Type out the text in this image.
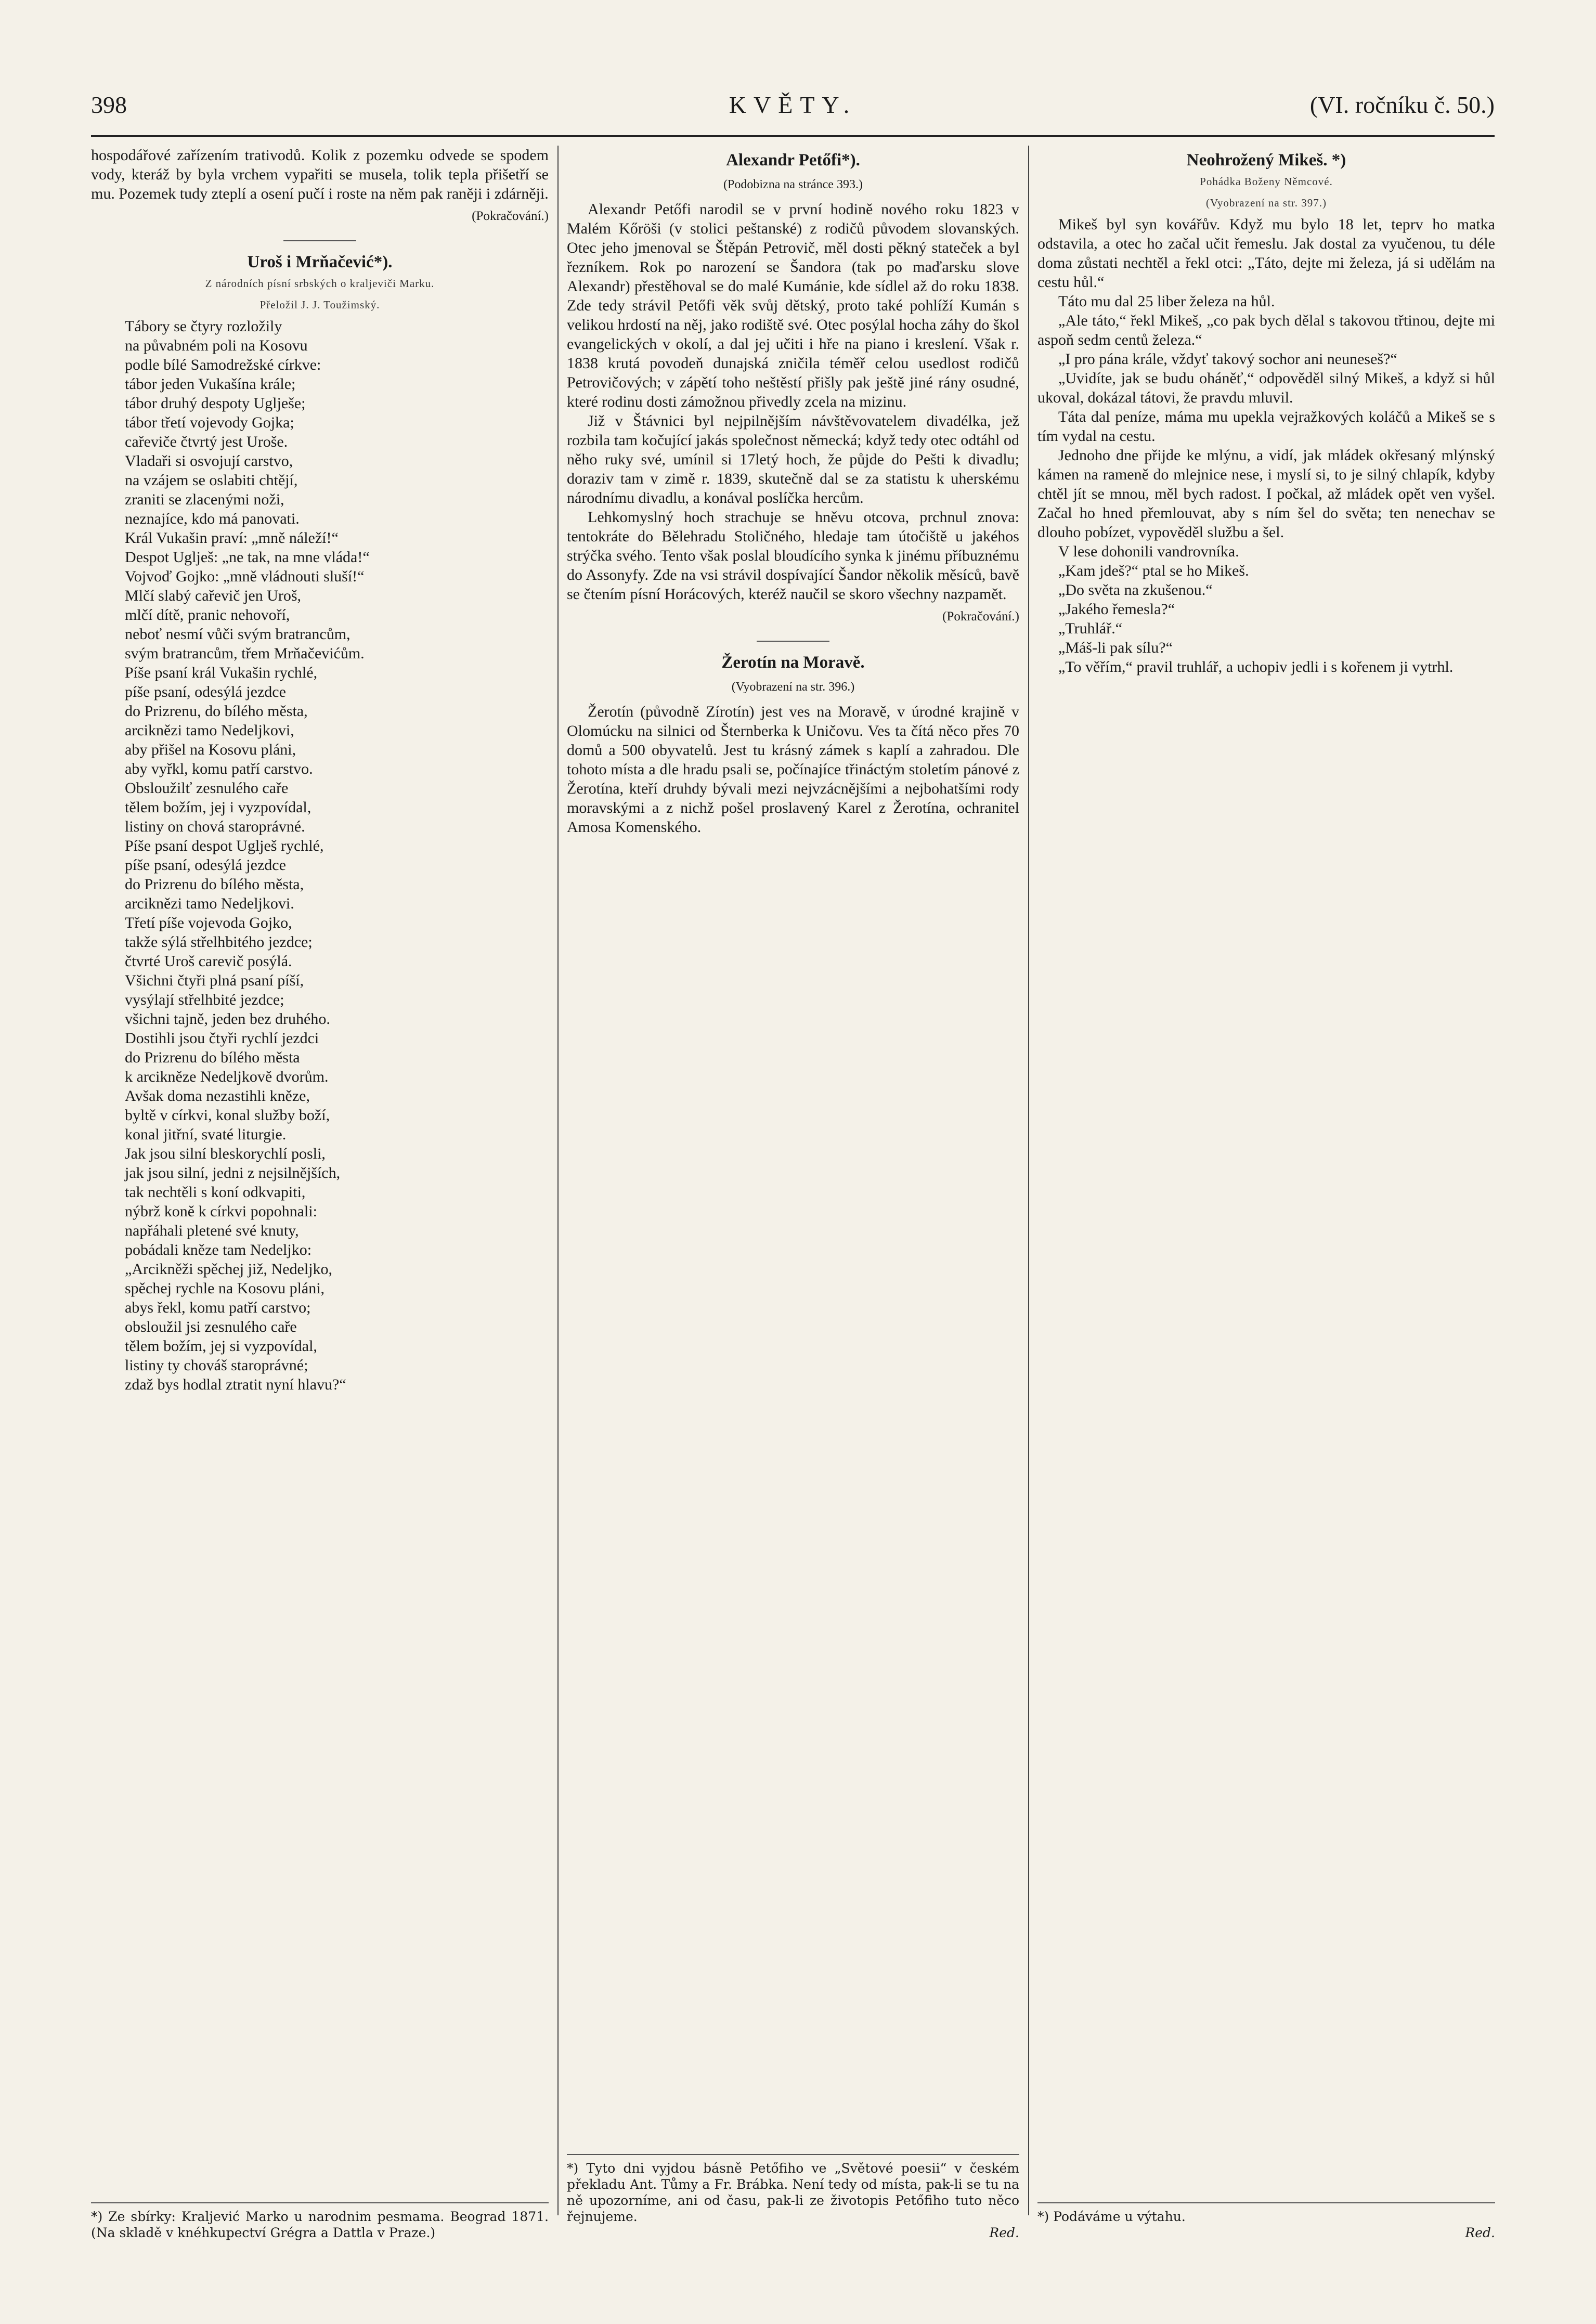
398	KVĚTY.	(VI. ročníku č. 50.)

hospodářové zařízením trativodů. Kolik z pozemku odvede se spodem vody, kteráž by byla vrchem vypařiti se musela, tolik tepla přišetří se mu. Pozemek tudy zteplí a osení pučí i roste na něm pak raněji i zdárněji.

(Pokračování.)
Uroš i Mrňačević*).
Z národních písní srbských o kraljeviči Marku.
Přeložil J. J. Toužimský.
Tábory se čtyry rozložily
na půvabném poli na Kosovu
podle bílé Samodrežské církve:
tábor jeden Vukašína krále;
tábor druhý despoty Uglješe;
tábor třetí vojevody Gojka;
cařeviče čtvrtý jest Uroše.
Vladaři si osvojují carstvo,
na vzájem se oslabiti chtějí,
zraniti se zlacenými noži,
neznajíce, kdo má panovati.
Král Vukašin praví: „mně náleží!“
Despot Uglješ: „ne tak, na mne vláda!“
Vojvoď Gojko: „mně vládnouti sluší!“
Mlčí slabý cařevič jen Uroš,
mlčí dítě, pranic nehovoří,
neboť nesmí vůči svým bratrancům,
svým bratrancům, třem Mrňačevićům.
Píše psaní král Vukašin rychlé,
píše psaní, odesýlá jezdce
do Prizrenu, do bílého města,
arciknězi tamo Nedeljkovi,
aby přišel na Kosovu pláni,
aby vyřkl, komu patří carstvo.
Obsloužilť zesnulého caře
tělem božím, jej i vyzpovídal,
listiny on chová staroprávné.
Píše psaní despot Uglješ rychlé,
píše psaní, odesýlá jezdce
do Prizrenu do bílého města,
arciknězi tamo Nedeljkovi.
Třetí píše vojevoda Gojko,
takže sýlá střelhbitého jezdce;
čtvrté Uroš carevič posýlá.
Všichni čtyři plná psaní píší,
vysýlají střelhbité jezdce;
všichni tajně, jeden bez druhého.
Dostihli jsou čtyři rychlí jezdci
do Prizrenu do bílého města
k arciknězе Nedeljkově dvorům.
Avšak doma nezastihli kněze,
byltě v církvi, konal služby boží,
konal jitřní, svaté liturgie.
Jak jsou silní bleskorychlí posli,
jak jsou silní, jedni z nejsilnějších,
tak nechtěli s koní odkvapiti,
nýbrž koně k církvi popohnali:
napřáhali pletené své knuty,
pobádali kněze tam Nedeljko:
„Arcikněži spěchej již, Nedeljko,
spěchej rychle na Kosovu pláni,
abys řekl, komu patří carstvo;
obsloužil jsi zesnulého caře
tělem božím, jej si vyzpovídal,
listiny ty chováš staroprávné;
zdaž bys hodlal ztratit nyní hlavu?“
Alexandr Petőfi*).
(Podobizna na stránce 393.)

Alexandr Petőfi narodil se v první hodině nového roku 1823 v Malém Kőröši (v stolici peštanské) z rodičů původem slovanských. Otec jeho jmenoval se Štěpán Petrovič, měl dosti pěkný stateček a byl řezníkem. Rok po narození se Šandora (tak po maďarsku slove Alexandr) přestěhoval se do malé Kumánie, kde sídlel až do roku 1838. Zde tedy strávil Petőfi věk svůj dětský, proto také pohlíží Kumán s velikou hrdostí na něj, jako rodiště své. Otec posýlal hocha záhy do škol evangelických v okolí, a dal jej učiti i hře na piano i kreslení. Však r. 1838 krutá povodeň dunajská zničila téměř celou usedlost rodičů Petrovičových; v zápětí toho neštěstí přišly pak ještě jiné rány osudné, které rodinu dosti zámožnou přivedly zcela na mizinu.

Již v Štávnici byl nejpilnějším návštěvovatelem divadélka, jež rozbila tam kočující jakás společnost německá; když tedy otec odtáhl od něho ruky své, umínil si 17letý hoch, že půjde do Pešti k divadlu; doraziv tam v zimě r. 1839, skutečně dal se za statistu k uherskému národnímu divadlu, a konával poslíčka hercům.

Lehkomyslný hoch strachuje se hněvu otcova, prchnul znova: tentokráte do Bělehradu Stoličného, hledaje tam útočiště u jakéhos strýčka svého. Tento však poslal bloudícího synka k jinému příbuznému do Assonyfy. Zde na vsi strávil dospívající Šandor několik měsíců, bavě se čtením písní Horácových, kteréž naučil se skoro všechny nazpamět.

(Pokračování.)
Žerotín na Moravě.
(Vyobrazení na str. 396.)

Žerotín (původně Zírotín) jest ves na Moravě, v úrodné krajině v Olomúcku na silnici od Šternberka k Uničovu. Ves ta čítá něco přes 70 domů a 500 obyvatelů. Jest tu krásný zámek s kaplí a zahradou. Dle tohoto místa a dle hradu psali se, počínajíce třináctým stoletím pánové z Žerotína, kteří druhdy bývali mezi nejvzácnějšími a nejbohatšími rody moravskými a z nichž pošel proslavený Karel z Žerotína, ochranitel Amosa Komenského.

Neohrožený Mikeš. *)
Pohádka Boženy Němcové.
(Vyobrazení na str. 397.)

Mikeš byl syn kovářův. Když mu bylo 18 let, teprv ho matka odstavila, a otec ho začal učit řemeslu. Jak dostal za vyučenou, tu déle doma zůstati nechtěl a řekl otci: „Táto, dejte mi železa, já si udělám na cestu hůl.“

Táto mu dal 25 liber železa na hůl.

„Ale táto,“ řekl Mikeš, „co pak bych dělal s takovou třtinou, dejte mi aspoň sedm centů železa.“

„I pro pána krále, vždyť takový sochor ani neuneseš?“

„Uvidíte, jak se budu oháněť,“ odpověděl silný Mikeš, a když si hůl ukoval, dokázal tátovi, že pravdu mluvil.

Táta dal peníze, máma mu upekla vejražkových koláčů a Mikeš se s tím vydal na cestu.

Jednoho dne přijde ke mlýnu, a vidí, jak mládek okřesaný mlýnský kámen na rameně do mlejnice nese, i myslí si, to je silný chlapík, kdyby chtěl jít se mnou, měl bych radost. I počkal, až mládek opět ven vyšel. Začal ho hned přemlouvat, aby s ním šel do světa; ten nenechav se dlouho pobízet, vypověděl službu a šel.

V lese dohonili vandrovníka.

„Kam jdeš?“ ptal se ho Mikeš.

„Do světa na zkušenou.“

„Jakého řemesla?“

„Truhlář.“

„Máš-li pak sílu?“

„To věřím,“ pravil truhlář, a uchopiv jedli i s kořenem ji vytrhl.

*) Ze sbírky: Kraljević Marko u narodnim pesmama. Beograd 1871. (Na skladě v knéhkupectví Grégra a Dattla v Praze.)

*) Tyto dni vyjdou básně Petőfiho ve „Světové poesii“ v českém překladu Ant. Tůmy a Fr. Brábka. Není tedy od místa, pak-li se tu na ně upozorníme, ani od času, pak-li ze životopis Petőfiho tuto něco řejnujeme.

Red.

*) Podáváme u výtahu.

Red.
